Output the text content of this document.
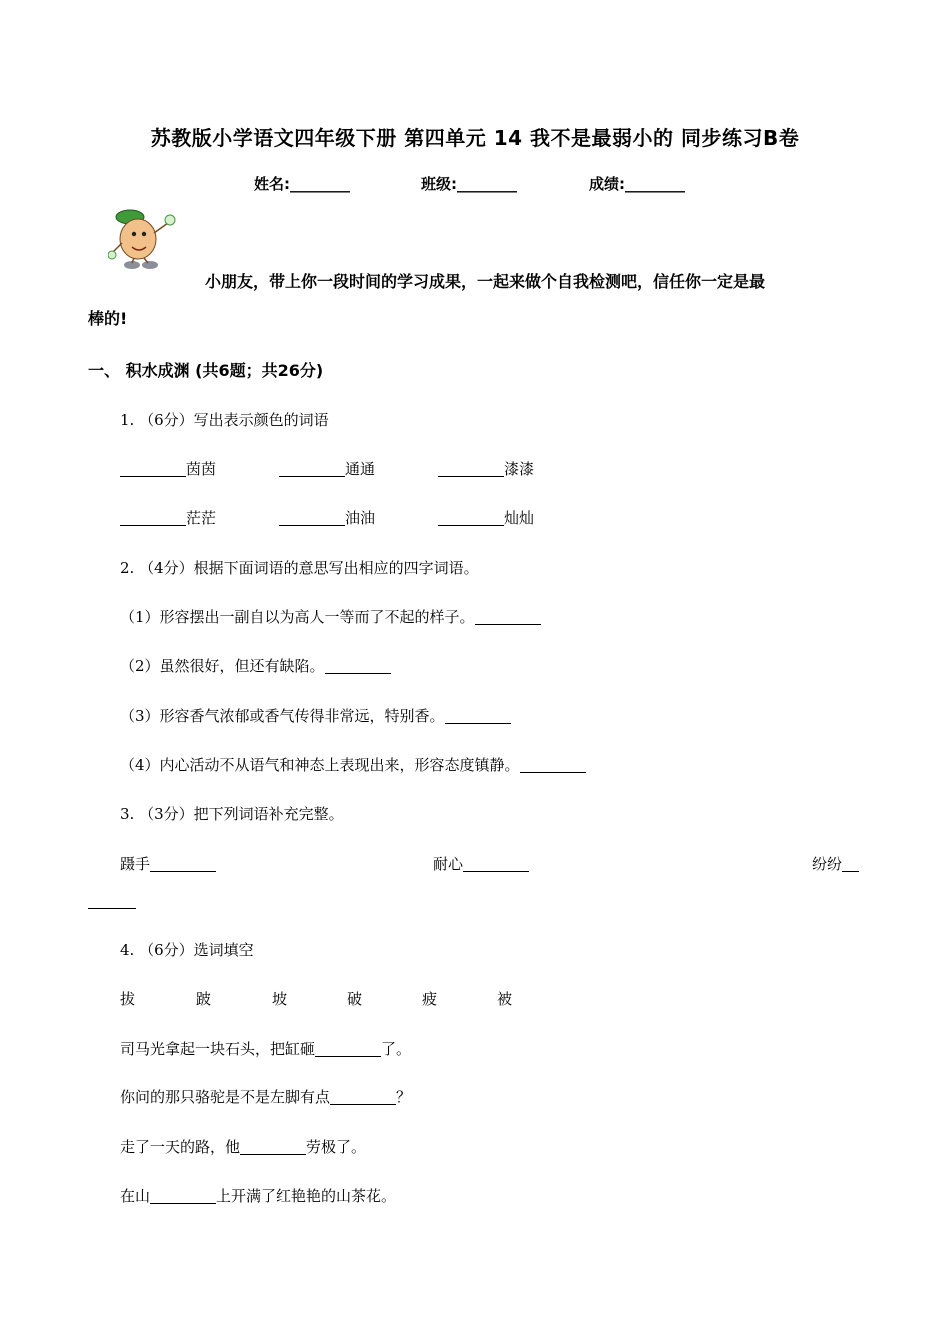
苏教版小学语文四年级下册 第四单元 14 我不是最弱小的 同步练习B卷
姓名:________	班级:________	成绩:________
小朋友，带上你一段时间的学习成果，一起来做个自我检测吧，信任你一定是最
棒的!
一、 积水成渊 (共6题；共26分)
1. （6分）写出表示颜色的词语
茵茵	通通	漆漆
茫茫	油油	灿灿
2. （4分）根据下面词语的意思写出相应的四字词语。
（1）形容摆出一副自以为高人一等而了不起的样子。
（2）虽然很好，但还有缺陷。
（3）形容香气浓郁或香气传得非常远，特别香。
（4）内心活动不从语气和神态上表现出来，形容态度镇静。
3. （3分）把下列词语补充完整。
蹑手	耐心	纷纷
4. （6分）选词填空
拔	跛	坡	破	疲	被
司马光拿起一块石头，把缸砸	了。
你问的那只骆驼是不是左脚有点	？
走了一天的路，他	劳极了。
在山	上开满了红艳艳的山茶花。
